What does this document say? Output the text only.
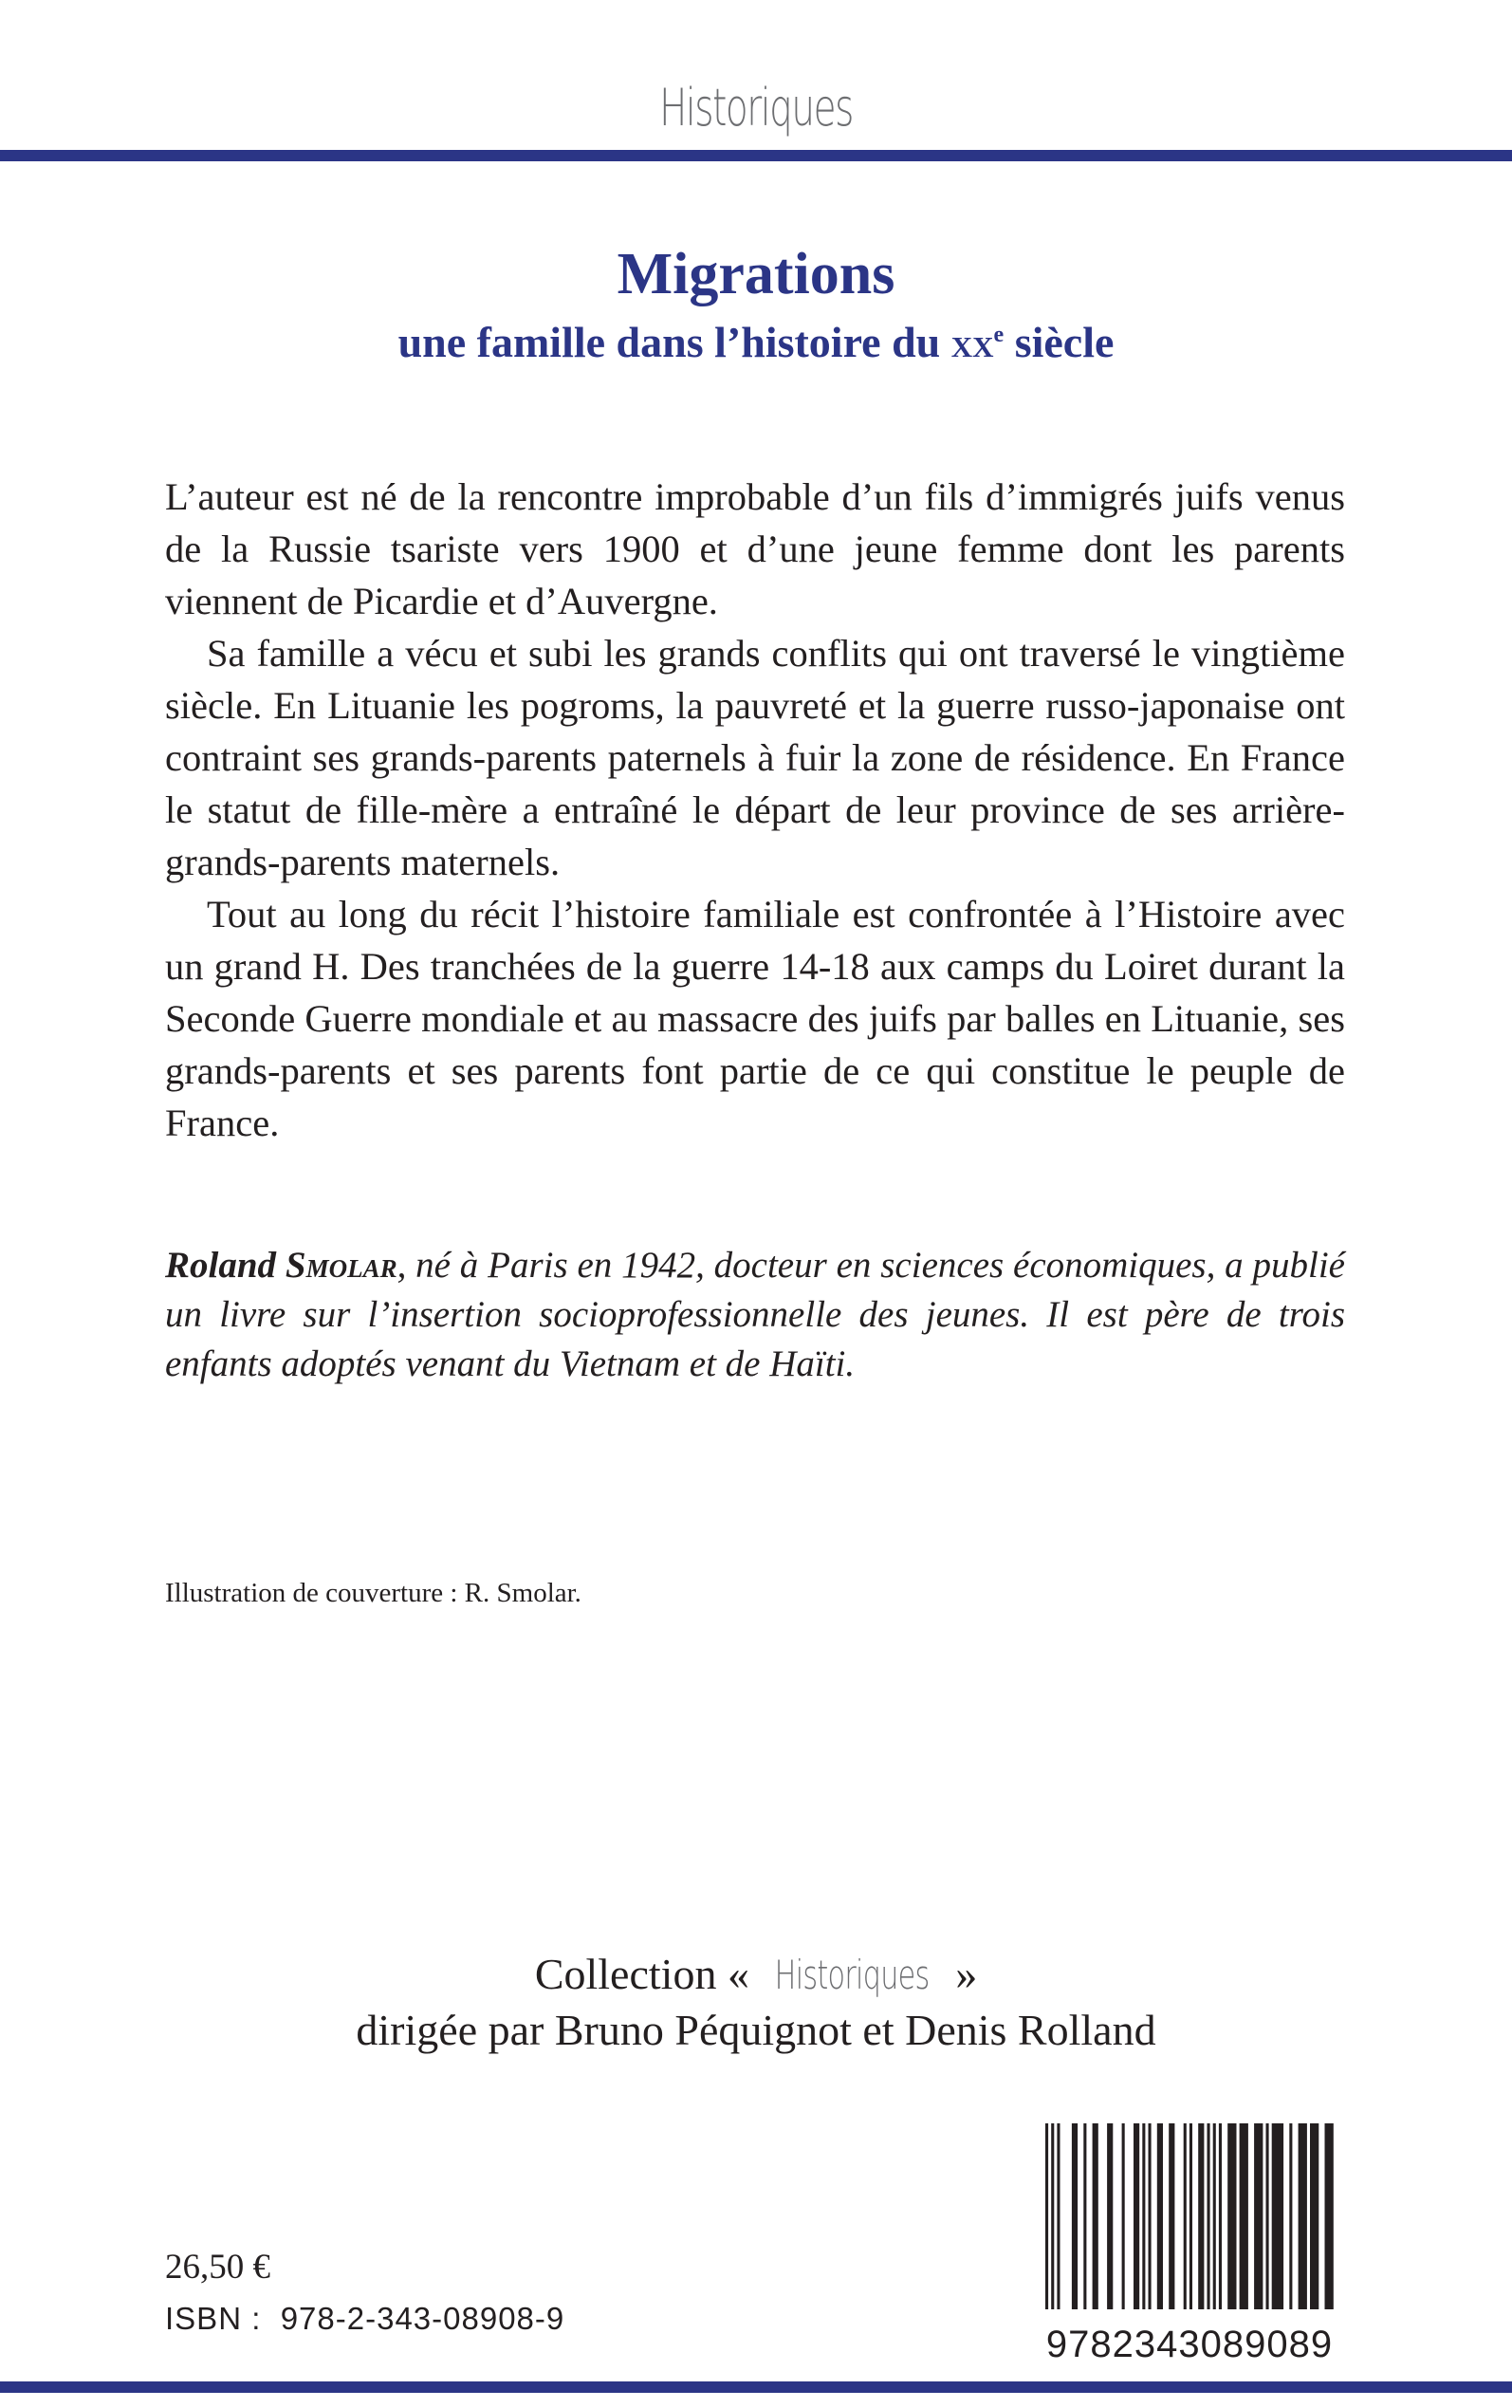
Historiques
Migrations
une famille dans l’histoire du $xx^e$ siècle

L’auteur est né de la rencontre improbable d’un fils d’immigrés juifs venus de la Russie tsariste vers 1900 et d’une jeune femme dont les parents viennent de Picardie et d’Auvergne.

Sa famille a vécu et subi les grands conflits qui ont traversé le vingtième siècle. En Lituanie les pogroms, la pauvreté et la guerre russo-japonaise ont contraint ses grands-parents paternels à fuir la zone de résidence. En France le statut de fille-mère a entraîné le départ de leur province de ses arrière-grands-parents maternels.

Tout au long du récit l’histoire familiale est confrontée à l’Histoire avec un grand H. Des tranchées de la guerre 14-18 aux camps du Loiret durant la Seconde Guerre mondiale et au massacre des juifs par balles en Lituanie, ses grands-parents et ses parents font partie de ce qui constitue le peuple de France.

Roland Smolar, né à Paris en 1942, docteur en sciences économiques, a publié un livre sur l’insertion socioprofessionnelle des jeunes. Il est père de trois enfants adoptés venant du Vietnam et de Haïti.
Illustration de couverture : R. Smolar.
Collection « Historiques »
dirigée par Bruno Péquignot et Denis Rolland
26,50 €
ISBN : 978-2-343-08908-9
9782343089089
